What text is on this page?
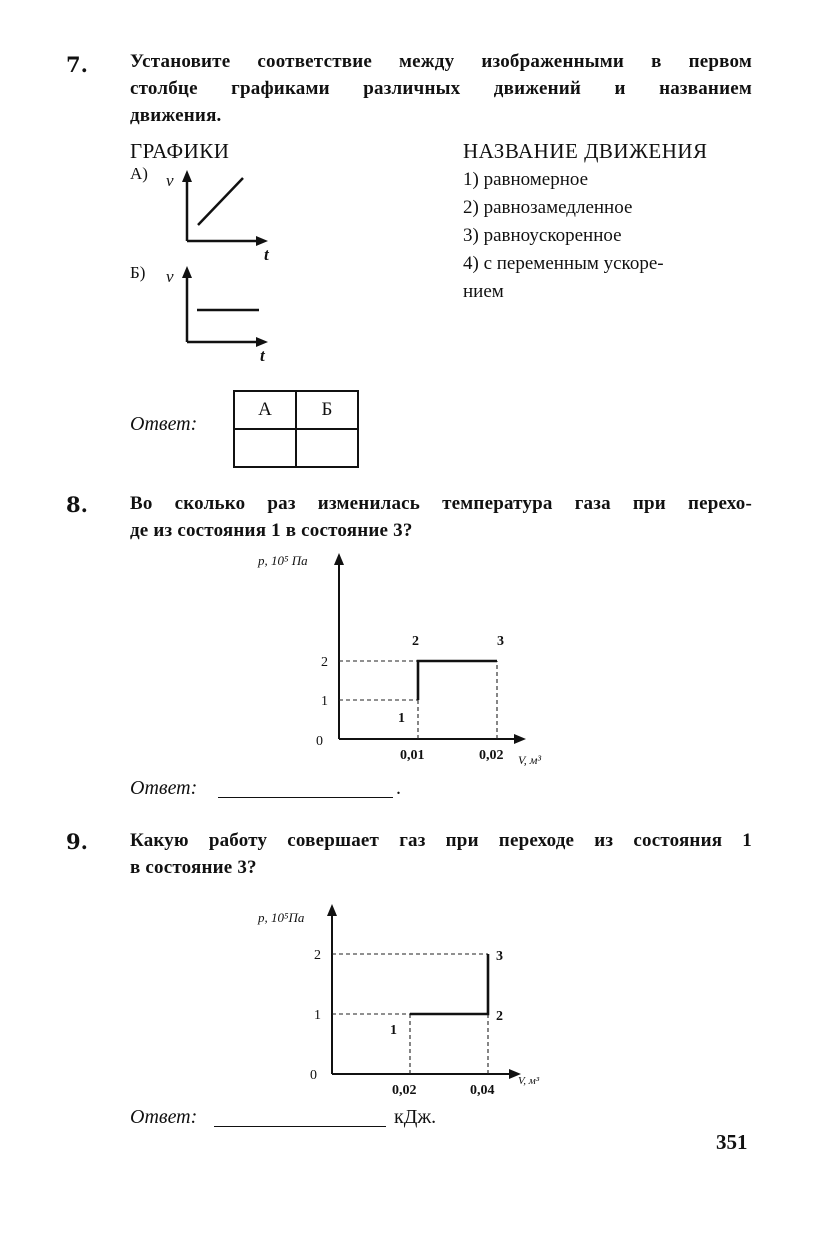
7. Установите соответствие между изображенными в первом
столбце графиками различных движений и названием
движения.
ГРАФИКИ	НАЗВАНИЕ ДВИЖЕНИЯ
А) v
t
Б) v
t
1) равномерное
2) равнозамедленное
3) равноускоренное
4) с переменным ускоре-
нием
Ответ:
А	Б

8. Во сколько раз изменилась температура газа при перехо-
де из состояния 1 в состояние 3?
p, 10⁵ Па
V, м³
0
1
2
0,01	0,02
1
2	3
Ответ:	.
9. Какую работу совершает газ при переходе из состояния 1
в состояние 3?
p, 10⁵Па
V, м³
0
1
2
0,02	0,04
1
2
3
Ответ:	кДж.
351
